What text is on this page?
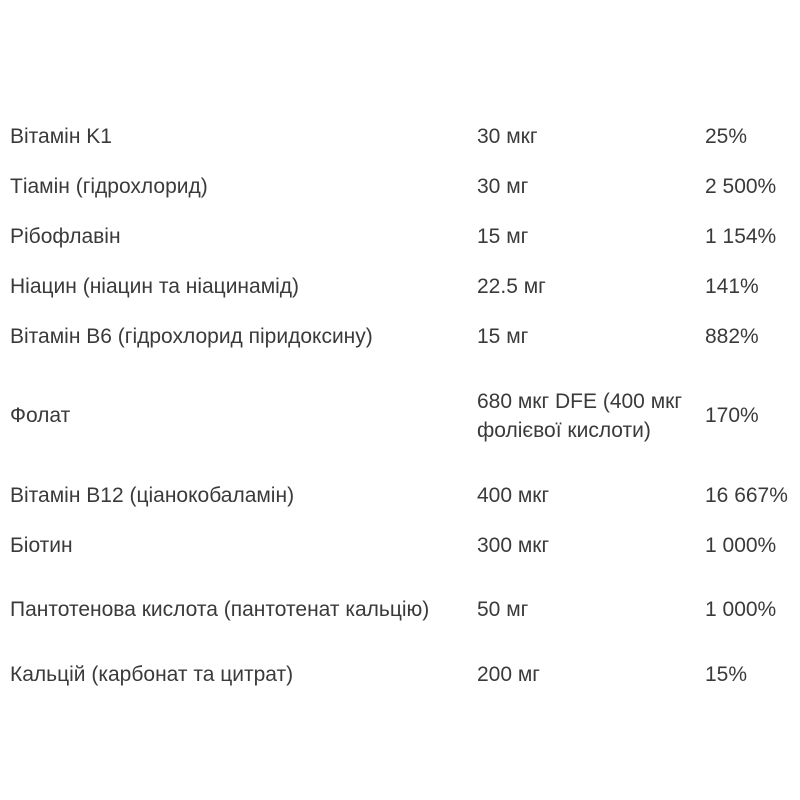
Вітамін K1	30 мкг	25%
Тіамін (гідрохлорид)	30 мг	2 500%
Рібофлавін	15 мг	1 154%
Ніацин (ніацин та ніацинамід)	22.5 мг	141%
Вітамін B6 (гідрохлорид піридоксину)	15 мг	882%
Фолат	680 мкг DFE (400 мкг фолієвої кислоти)	170%
Вітамін B12 (ціанокобаламін)	400 мкг	16 667%
Біотин	300 мкг	1 000%
Пантотенова кислота (пантотенат кальцію)	50 мг	1 000%
Кальцій (карбонат та цитрат)	200 мг	15%
